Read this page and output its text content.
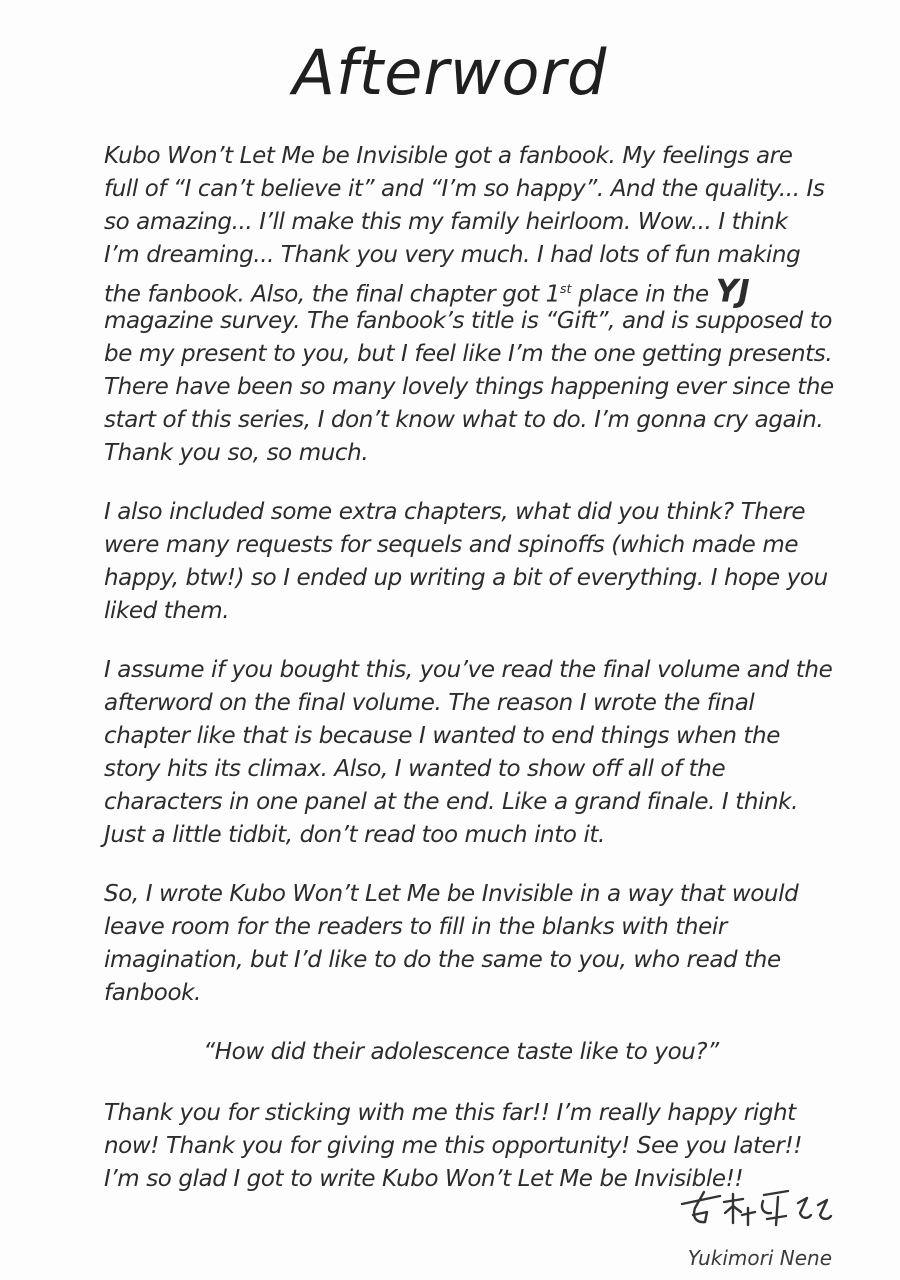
Afterword
Kubo Won’t Let Me be Invisible got a fanbook. My feelings are
full of “I can’t believe it” and “I’m so happy”. And the quality... Is
so amazing... I’ll make this my family heirloom. Wow... I think
I’m dreaming... Thank you very much. I had lots of fun making
the fanbook. Also, the final chapter got 1st place in the YJ
magazine survey. The fanbook’s title is “Gift”, and is supposed to
be my present to you, but I feel like I’m the one getting presents.
There have been so many lovely things happening ever since the
start of this series, I don’t know what to do. I’m gonna cry again.
Thank you so, so much.
I also included some extra chapters, what did you think? There
were many requests for sequels and spinoffs (which made me
happy, btw!) so I ended up writing a bit of everything. I hope you
liked them.
I assume if you bought this, you’ve read the final volume and the
afterword on the final volume. The reason I wrote the final
chapter like that is because I wanted to end things when the
story hits its climax. Also, I wanted to show off all of the
characters in one panel at the end. Like a grand finale. I think.
Just a little tidbit, don’t read too much into it.
So, I wrote Kubo Won’t Let Me be Invisible in a way that would
leave room for the readers to fill in the blanks with their
imagination, but I’d like to do the same to you, who read the
fanbook.
“How did their adolescence taste like to you?”
Thank you for sticking with me this far!! I’m really happy right
now! Thank you for giving me this opportunity! See you later!!
I’m so glad I got to write Kubo Won’t Let Me be Invisible!!
Yukimori Nene
